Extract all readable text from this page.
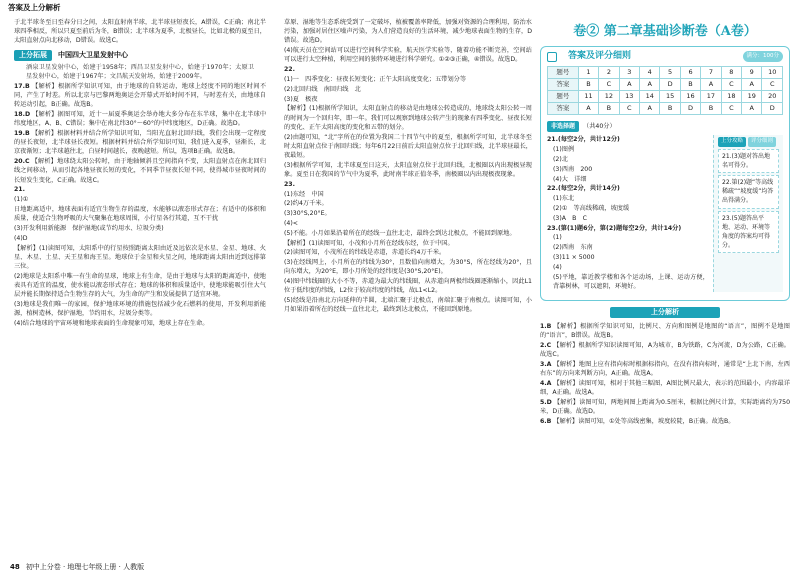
答案及上分解析

于北半球冬至日至春分日之间，太阳直射南半球，北半球昼短夜长，A错误，C正确；南北半球四季相反，所以只夏至前后为冬，B错误；北半球为夏季，北极昼长，比如北极的夏至日，太阳直射点向北移动，D错误。故选C。

上分拓展	中国四大卫星发射中心

酒泉卫星发射中心，始建于1958年；西昌卫星发射中心，始建于1970年；太原卫星发射中心，始建于1967年；文昌航天发射场，始建于2009年。

17.B 【解析】根据所学知识可知，由于地球的自转运动，地球上经度不同的地区时间不同，产生了时差。所以北京与巴黎两地奥运会开幕式开始时间不同，与时差有关，由地球自转运动引起，B正确。故选B。

18.D 【解析】据图可知，近十一届夏季奥运会举办地大多分布在东半球，集中在北半球中纬度地区，A、B、C错误；集中在南北纬30°～60°的中纬度地区，D正确。故选D。

19.B 【解析】根据材料并结合所学知识可知，当阳光直射北回归线，我们会出现一定程度的昼长夜短，北半球昼长夜短。根据材料并结合所学知识可知，我们进入夏季，昼渐长，北京夜渐短；北半球越往北，白昼时间越长，夜晚越短。所以，选项B正确。故选B。

20.C 【解析】地球绕太阳公转时，由于地轴倾斜且空间指向不变，太阳直射点在南北回归线之间移动，从而引起各地昼夜长短的变化，不同季节昼夜长短不同，使得城市昼夜时间的长短发生变化，C正确。故选C。

21.

(1)①

日地距离适中，地球表面有适宜生物生存的温度，水能够以液态形式存在；有适中的体积和质量，使适合生物呼吸的大气聚集在地球周围，小行星各行其道，互不干扰

(3)开发利用新能源　保护湿地(或节约用水、垃圾分类)

(4)D

【解析】(1)读图可知，太阳系中的行星按照距离太阳由近及远依次是水星、金星、地球、火星、木星、土星、天王星和海王星。地球位于金星和火星之间，地球距离太阳由近到远排第三位。

(2)地球是太阳系中唯一有生命的星球，地球上有生命，是由于地球与太阳的距离适中，使地表具有适宜的温度，使水能以液态形式存在；地球的体积和质量适中，使地球能吸引住大气层并能长期保持适合生物生存的大气，为生命的产生和发展提供了适宜环境。

(3)地球是我们唯一的家园，保护地球环境的措施包括减少化石燃料的使用，开发利用新能源，植树造林，保护湿地，节约用水，垃圾分类等。

(4)结合地球的宇宙环境和地球表面的生命现象可知，地球上存在生命。

48 初中上分卷 · 地理七年级上册 · 人教版

草原、湿地等生态系统受到了一定破坏，植被覆盖率降低，加强对资源的合理利用，防治水污染，加强对居住区噪声污染，为人们营造良好的生活环境，减少地球表面生物的生存，D错误。故选D。

(4)航天员在空间站可以进行空间科学实验，航天医学实验等，随着功能不断完善，空间站可以进行太空种植，利用空间的独特环境进行科学研究。①②③正确，④错误。故选D。

22.

(1)一　四季变化：昼夜长短变化；正午太阳高度变化；五带划分等

(2)北回归线　南回归线　北

(3)夏　极夜

【解析】(1)根据所学知识，太阳直射点的移动是由地球公转造成的，地球绕太阳公转一周的时间为一个回归年，即一年。我们可以观察到地球公转产生的现象有四季变化、昼夜长短的变化、正午太阳高度的变化和五带的划分。

(2)由题可知，“北”字所在的位置为我国二十四节气中的夏至，根据所学可知，北半球冬至时太阳直射点位于南回归线；每年6月22日前后太阳直射点位于北回归线，北半球昼最长，夜最短。

(3)根据所学可知，北半球夏至日这天，太阳直射点位于北回归线，北极圈以内出现极昼现象。夏至日在我国的节气中为夏季，此时南半球正值冬季，南极圈以内出现极夜现象。

23.

(1)东经　中国

(2)约4万千米。

(3)30°S,20°E。

(4)<

(5)不能。小月如果沿着所在的经线一直往北走，最终会到达北极点，不能回到原地。

【解析】(1)读图可知，小茂和小月所在经线东经，位于中国。

(2)读图可知，小茂所在的纬线是赤道，赤道长约4万千米。

(3)在经线网上，小月所在的纬线为30°，且数值向南增大，为30°S，所在经线为20°，且向东增大，为20°E，即小月所处的经纬度是(30°S,20°E)。

(4)图中纬线圈的大小不等，赤道为最大的纬线圈，从赤道向两极纬线圈逐渐缩小，因此L1位于低纬度的纬线，L2位于较高纬度的纬线，故L1<L2。

(5)经线是沿南北方向延伸的半圆，北端汇聚于北极点，南端汇聚于南极点。读图可知，小月如果沿着所在的经线一直往北走，最终到达北极点，不能回到原地。

卷② 第二章基础诊断卷（A卷）
答案及评分细则	满分：100分
题号	1	2	3	4	5	6	7	8	9	10
答案	B	C	A	A	D	B	A	C	A	C
题号	11	12	13	14	15	16	17	18	19	20
答案	A	B	C	A	B	D	B	C	A	D
非选择题	（共40分）

21.(每空2分，共计12分)

(1)图例

(2)北

(3)西南　200

(4)大　详细

22.(每空2分，共计14分)

(1)东北

(2)①　等高线稀疏，坡度缓

(3)A　B　C

23.(第(1)题6分，第(2)题每空2分，共计14分)

(1)

(2)西南　东南

(3)11 × 5000

(4)

(5)平地，靠近教学楼和各个运动场，上课、运动方便，背靠树林，可以遮阴，环境好。

上分攻略	评分细则
21.(3)题对答出地名可得分。
22.第(2)题“等高线稀疏”“坡度缓”均答出得满分。
23.(5)题答出平地、运动、环境等角度的答案均可得分。
上分解析

1.B 【解析】根据所学知识可知，比例尺、方向和图例是地图的“语言”，图例不是地图的“语言”，B错误。故选B。

2.C 【解析】根据所学知识读图可知，A为城市，B为铁路，C为河流，D为公路，C正确。故选C。

3.A 【解析】地图上应有指向标时根据标指向，在没有指向标时，通常是“上北下南，左西右东”的方向来判断方向，A正确。故选A。

4.A 【解析】读图可知，相对于其他三幅图，A图比例尺最大，表示的范围最小，内容最详细，A正确。故选A。

5.D 【解析】读图可知，两地间图上距离为0.5厘米，根据比例尺计算，实际距离约为750米，D正确。故选D。

6.B 【解析】读图可知，①处等高线密集，坡度较陡，B正确。故选B。
